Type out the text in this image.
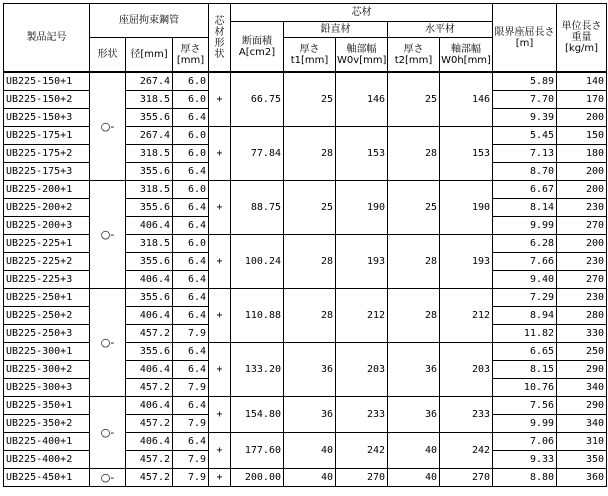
製品記号	座屈拘束鋼管			芯材形状	芯材					限界座屈長さ[m]	単位長さ重量[kg/m]
					断面積A[cm2]	鉛直材		水平材			
	形状	径[mm]	厚さ[mm]			厚さt1[mm]	軸部幅W0v[mm]	厚さt2[mm]	軸部幅W0h[mm]		
UB225-150+1	○-	267.4	6.0	+	66.75	25	146	25	146	5.89	140
UB225-150+2		318.5	6.0							7.70	170
UB225-150+3		355.6	6.4							9.39	200
UB225-175+1		267.4	6.0	+	77.84	28	153	28	153	5.45	150
UB225-175+2		318.5	6.0							7.13	180
UB225-175+3		355.6	6.4							8.70	200
UB225-200+1	○-	318.5	6.0	+	88.75	25	190	25	190	6.67	200
UB225-200+2		355.6	6.4							8.14	230
UB225-200+3		406.4	6.4							9.99	270
UB225-225+1		318.5	6.0	+	100.24	28	193	28	193	6.28	200
UB225-225+2		355.6	6.4							7.66	230
UB225-225+3		406.4	6.4							9.40	270
UB225-250+1	○-	355.6	6.4	+	110.88	28	212	28	212	7.29	230
UB225-250+2		406.4	6.4							8.94	280
UB225-250+3		457.2	7.9							11.82	330
UB225-300+1		355.6	6.4	+	133.20	36	203	36	203	6.65	250
UB225-300+2		406.4	6.4							8.15	290
UB225-300+3		457.2	7.9							10.76	340
UB225-350+1	○-	406.4	6.4	+	154.80	36	233	36	233	7.56	290
UB225-350+2		457.2	7.9							9.99	340
UB225-400+1		406.4	6.4	+	177.60	40	242	40	242	7.06	310
UB225-400+2		457.2	7.9							9.33	350
UB225-450+1	○-	457.2	7.9	+	200.00	40	270	40	270	8.80	360
